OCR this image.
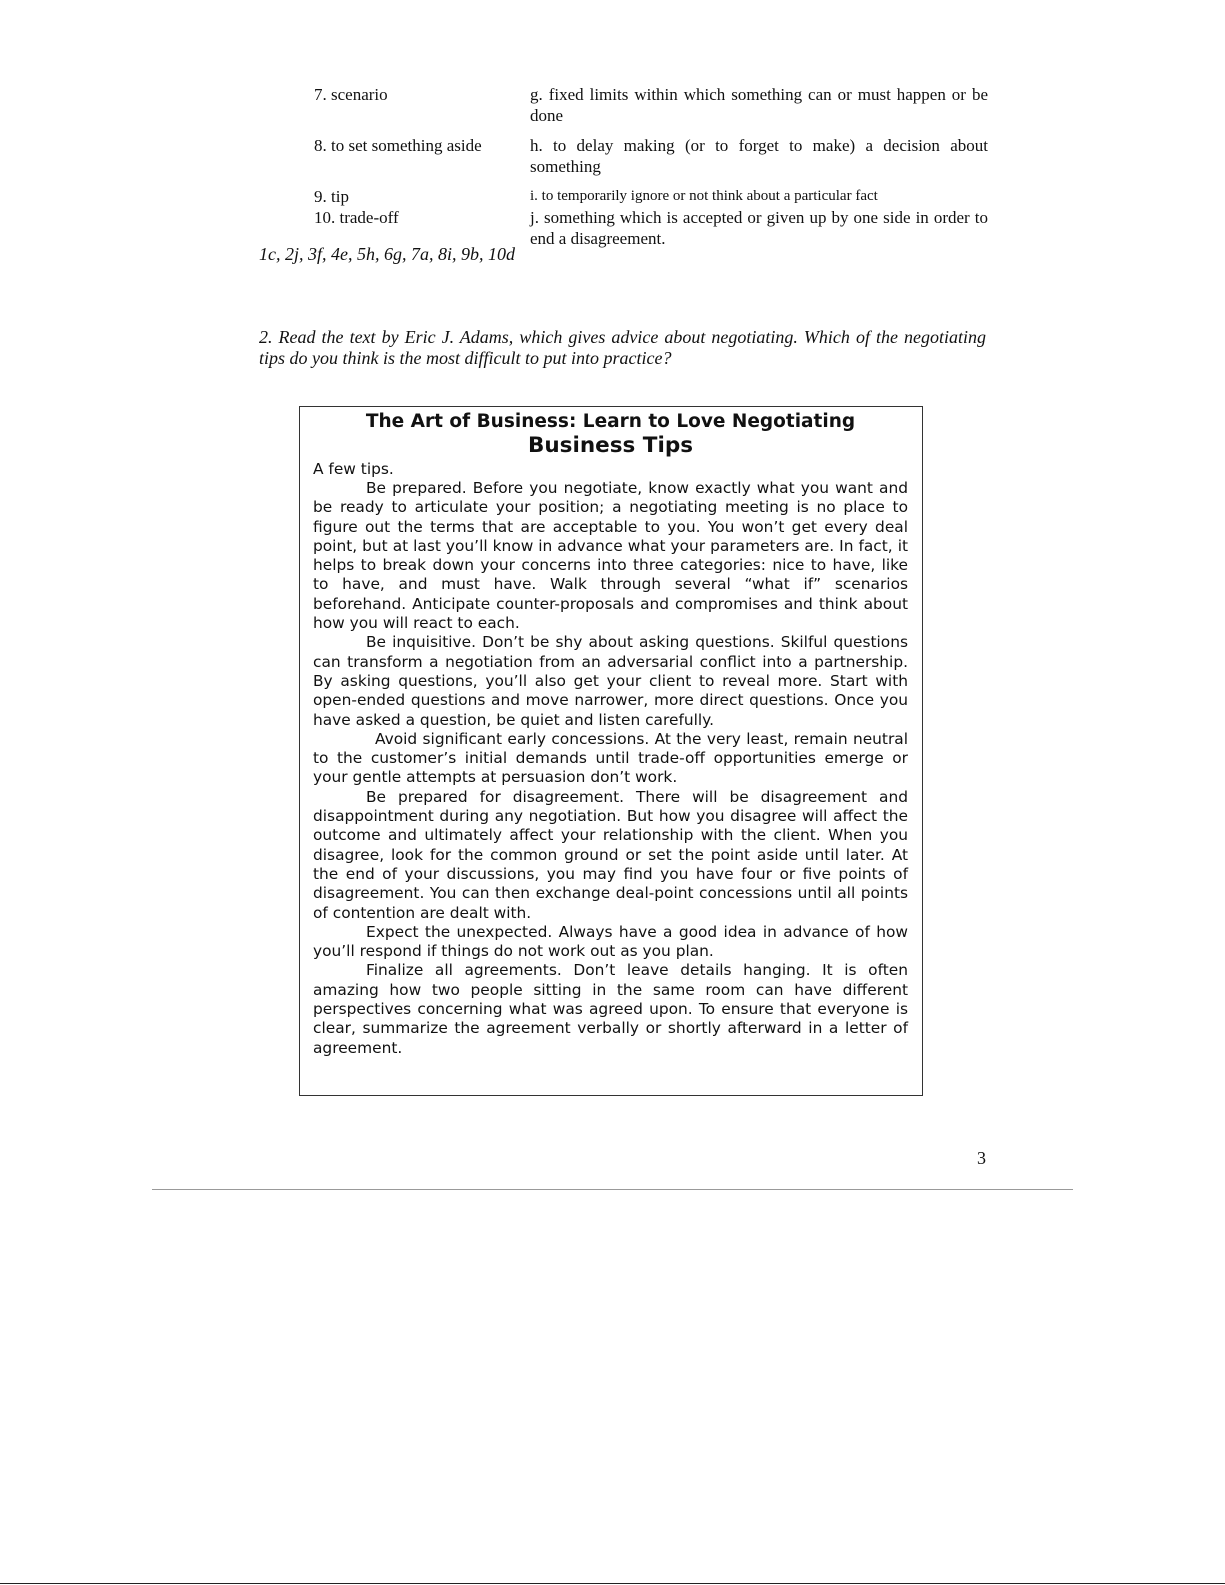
7. scenario	g. fixed limits within which something can or must happen or be done
8. to set something aside	h. to delay making (or to forget to make) a decision about something
9. tip	i. to temporarily ignore or not think about a particular fact
10. trade-off	j. something which is accepted or given up by one side in order to end a disagreement.
1c, 2j, 3f, 4e, 5h, 6g, 7a, 8i, 9b, 10d
2. Read the text by Eric J. Adams, which gives advice about negotiating. Which of the negotiating tips do you think is the most difficult to put into practice?
The Art of Business: Learn to Love Negotiating
Business Tips

A few tips.

Be prepared. Before you negotiate, know exactly what you want and be ready to articulate your position; a negotiating meeting is no place to figure out the terms that are acceptable to you. You won’t get every deal point, but at last you’ll know in advance what your parameters are. In fact, it helps to break down your concerns into three categories: nice to have, like to have, and must have. Walk through several “what if” scenarios beforehand. Anticipate counter-proposals and compromises and think about how you will react to each.

Be inquisitive. Don’t be shy about asking questions. Skilful questions can transform a negotiation from an adversarial conflict into a partnership. By asking questions, you’ll also get your client to reveal more. Start with open-ended questions and move narrower, more direct questions. Once you have asked a question, be quiet and listen carefully.

Avoid significant early concessions. At the very least, remain neutral to the customer’s initial demands until trade-off opportunities emerge or your gentle attempts at persuasion don’t work.

Be prepared for disagreement. There will be disagreement and disappointment during any negotiation. But how you disagree will affect the outcome and ultimately affect your relationship with the client. When you disagree, look for the common ground or set the point aside until later. At the end of your discussions, you may find you have four or five points of disagreement. You can then exchange deal-point concessions until all points of contention are dealt with.

Expect the unexpected. Always have a good idea in advance of how you’ll respond if things do not work out as you plan.

Finalize all agreements. Don’t leave details hanging. It is often amazing how two people sitting in the same room can have different perspectives concerning what was agreed upon. To ensure that everyone is clear, summarize the agreement verbally or shortly afterward in a letter of agreement.

3
